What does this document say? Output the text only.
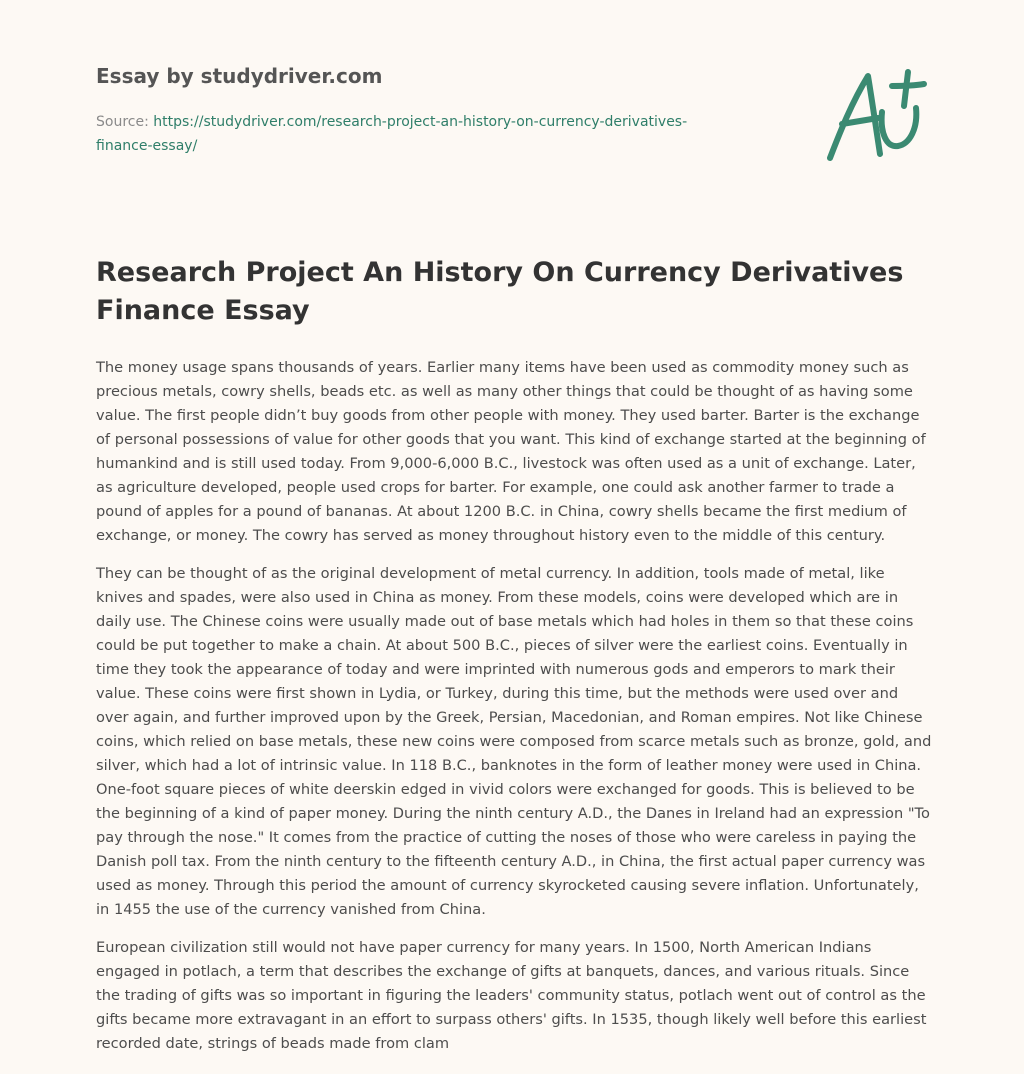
Essay by studydriver.com
Source: https://studydriver.com/research-project-an-history-on-currency-derivatives-finance-essay/
Research Project An History On Currency Derivatives Finance Essay

The money usage spans thousands of years. Earlier many items have been used as commodity money such as precious metals, cowry shells, beads etc. as well as many other things that could be thought of as having some value. The first people didn’t buy goods from other people with money. They used barter. Barter is the exchange of personal possessions of value for other goods that you want. This kind of exchange started at the beginning of humankind and is still used today. From 9,000-6,000 B.C., livestock was often used as a unit of exchange. Later, as agriculture developed, people used crops for barter. For example, one could ask another farmer to trade a pound of apples for a pound of bananas. At about 1200 B.C. in China, cowry shells became the first medium of exchange, or money. The cowry has served as money throughout history even to the middle of this century.

They can be thought of as the original development of metal currency. In addition, tools made of metal, like knives and spades, were also used in China as money. From these models, coins were developed which are in daily use. The Chinese coins were usually made out of base metals which had holes in them so that these coins could be put together to make a chain. At about 500 B.C., pieces of silver were the earliest coins. Eventually in time they took the appearance of today and were imprinted with numerous gods and emperors to mark their value. These coins were first shown in Lydia, or Turkey, during this time, but the methods were used over and over again, and further improved upon by the Greek, Persian, Macedonian, and Roman empires. Not like Chinese coins, which relied on base metals, these new coins were composed from scarce metals such as bronze, gold, and silver, which had a lot of intrinsic value. In 118 B.C., banknotes in the form of leather money were used in China. One-foot square pieces of white deerskin edged in vivid colors were exchanged for goods. This is believed to be the beginning of a kind of paper money. During the ninth century A.D., the Danes in Ireland had an expression "To pay through the nose." It comes from the practice of cutting the noses of those who were careless in paying the Danish poll tax. From the ninth century to the fifteenth century A.D., in China, the first actual paper currency was used as money. Through this period the amount of currency skyrocketed causing severe inflation. Unfortunately, in 1455 the use of the currency vanished from China.

European civilization still would not have paper currency for many years. In 1500, North American Indians engaged in potlach, a term that describes the exchange of gifts at banquets, dances, and various rituals. Since the trading of gifts was so important in figuring the leaders' community status, potlach went out of control as the gifts became more extravagant in an effort to surpass others' gifts. In 1535, though likely well before this earliest recorded date, strings of beads made from clam
